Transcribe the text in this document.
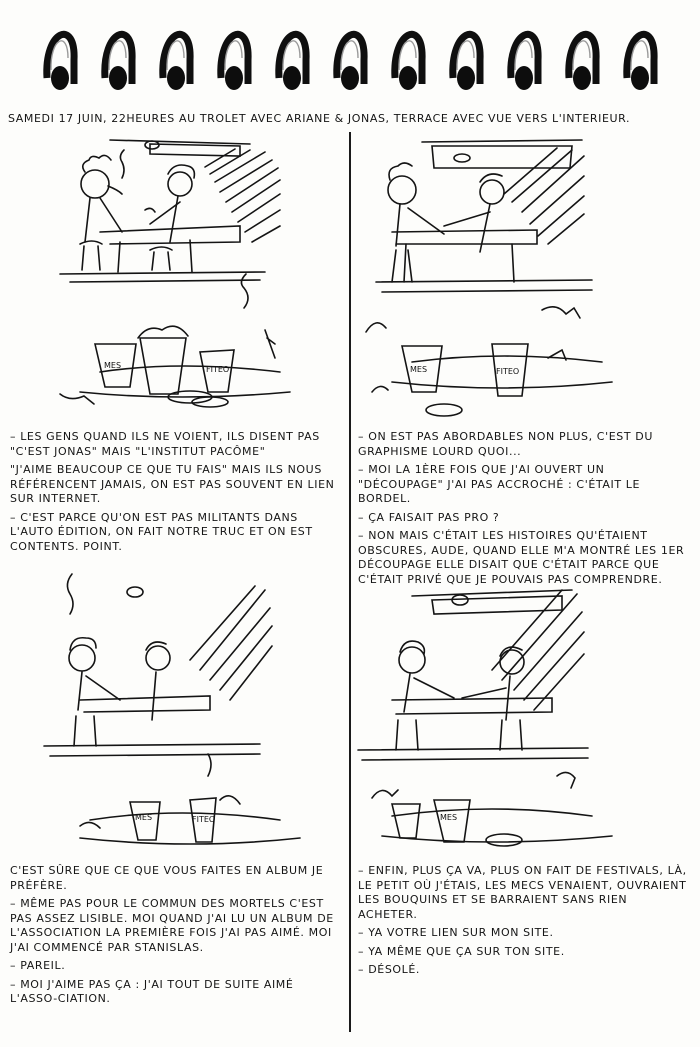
SAMEDI 17 JUIN, 22HEURES AU TROLET AVEC ARIANE & JONAS, TERRACE AVEC VUE VERS L'INTERIEUR.
MES	FITEO	MES	FITEO

– LES GENS QUAND ILS NE VOIENT, ILS DISENT PAS "C'EST JONAS" MAIS "L'INSTITUT PACÔME"

"J'AIME BEAUCOUP CE QUE TU FAIS" MAIS ILS NOUS RÉFÉRENCENT JAMAIS, ON EST PAS SOUVENT EN LIEN SUR INTERNET.

– C'EST PARCE QU'ON EST PAS MILITANTS DANS L'AUTO ÉDITION, ON FAIT NOTRE TRUC ET ON EST CONTENTS. POINT.

– ON EST PAS ABORDABLES NON PLUS, C'EST DU GRAPHISME LOURD QUOI...

– MOI LA 1ÈRE FOIS QUE J'AI OUVERT UN "DÉCOUPAGE" J'AI PAS ACCROCHÉ : C'ÉTAIT LE BORDEL.

– ÇA FAISAIT PAS PRO ?

– NON MAIS C'ÉTAIT LES HISTOIRES QU'ÉTAIENT OBSCURES, AUDE, QUAND ELLE M'A MONTRÉ LES 1ER DÉCOUPAGE ELLE DISAIT QUE C'ÉTAIT PARCE QUE C'ÉTAIT PRIVÉ QUE JE POUVAIS PAS COMPRENDRE.

MES	FITEO	MES

C'EST SÛRE QUE CE QUE VOUS FAITES EN ALBUM JE PRÉFÈRE.

– MÊME PAS POUR LE COMMUN DES MORTELS C'EST PAS ASSEZ LISIBLE. MOI QUAND J'AI LU UN ALBUM DE L'ASSOCIATION LA PREMIÈRE FOIS J'AI PAS AIMÉ. MOI J'AI COMMENCÉ PAR STANISLAS.

– PAREIL.

– MOI J'AIME PAS ÇA : J'AI TOUT DE SUITE AIMÉ L'ASSO-CIATION.

– ENFIN, PLUS ÇA VA, PLUS ON FAIT DE FESTIVALS, LÀ, LE PETIT OÙ J'ÉTAIS, LES MECS VENAIENT, OUVRAIENT LES BOUQUINS ET SE BARRAIENT SANS RIEN ACHETER.

– YA VOTRE LIEN SUR MON SITE.

– YA MÊME QUE ÇA SUR TON SITE.

– DÉSOLÉ.
